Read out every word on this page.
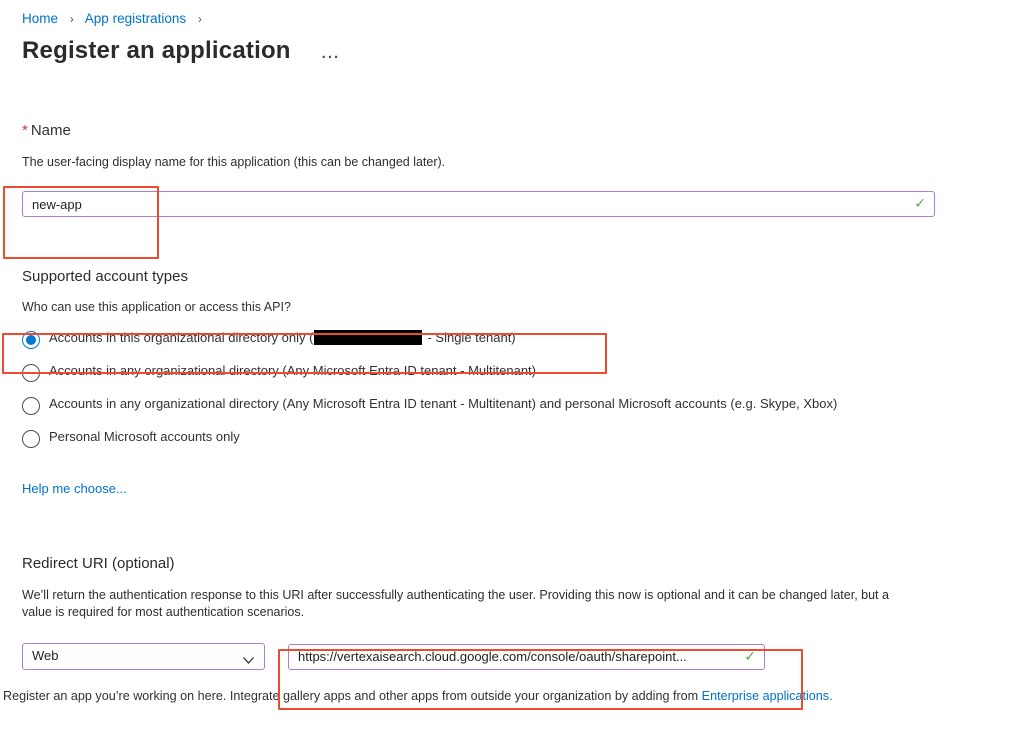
Home › App registrations ›
Register an application ...
* Name
The user-facing display name for this application (this can be changed later).
new-app
✓
Supported account types
Who can use this application or access this API?
Accounts in this organizational directory only (	- Single tenant)
Accounts in any organizational directory (Any Microsoft Entra ID tenant - Multitenant)
Accounts in any organizational directory (Any Microsoft Entra ID tenant - Multitenant) and personal Microsoft accounts (e.g. Skype, Xbox)
Personal Microsoft accounts only
Help me choose...
Redirect URI (optional)
We’ll return the authentication response to this URI after successfully authenticating the user. Providing this now is optional and it can be changed later, but a value is required for most authentication scenarios.
Web
https://vertexaisearch.cloud.google.com/console/oauth/sharepoint...	✓
Register an app you’re working on here. Integrate gallery apps and other apps from outside your organization by adding from Enterprise applications.
